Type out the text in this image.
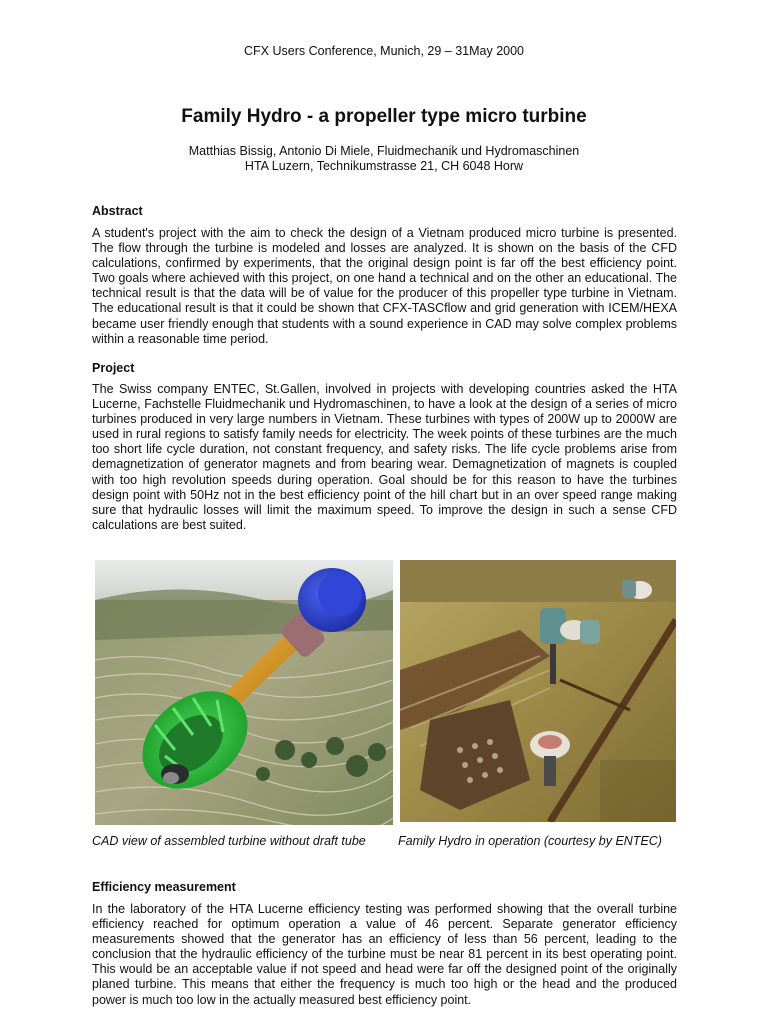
CFX Users Conference, Munich, 29 – 31May 2000
Family Hydro - a propeller type micro turbine
Matthias Bissig, Antonio Di Miele, Fluidmechanik und Hydromaschinen
HTA Luzern, Technikumstrasse 21, CH 6048 Horw
Abstract

A student's project with the aim to check the design of a Vietnam produced micro turbine is presented. The flow through the turbine is modeled and losses are analyzed. It is shown on the basis of the CFD calculations, confirmed by experiments, that the original design point is far off the best efficiency point. Two goals where achieved with this project, on one hand a technical and on the other an educational. The technical result is that the data will be of value for the producer of this propeller type turbine in Vietnam. The educational result is that it could be shown that CFX-TASCflow and grid generation with ICEM/HEXA became user friendly enough that students with a sound experience in CAD may solve complex problems within a reasonable time period.

Project

The Swiss company ENTEC, St.Gallen, involved in projects with developing countries asked the HTA Lucerne, Fachstelle Fluidmechanik und Hydromaschinen, to have a look at the design of a series of micro turbines produced in very large numbers in Vietnam. These turbines with types of 200W up to 2000W are used in rural regions to satisfy family needs for electricity. The week points of these turbines are the much too short life cycle duration, not constant frequency, and safety risks. The life cycle problems arise from demagnetization of generator magnets and from bearing wear. Demagnetization of magnets is coupled with too high revolution speeds during operation. Goal should be for this reason to have the turbines design point with 50Hz not in the best efficiency point of the hill chart but in an over speed range making sure that hydraulic losses will limit the maximum speed. To improve the design in such a sense CFD calculations are best suited.

CAD view of assembled turbine without draft tube	Family Hydro in operation (courtesy by ENTEC)
Efficiency measurement

In the laboratory of the HTA Lucerne efficiency testing was performed showing that the overall turbine efficiency reached for optimum operation a value of 46 percent. Separate generator efficiency measurements showed that the generator has an efficiency of less than 56 percent, leading to the conclusion that the hydraulic efficiency of the turbine must be near 81 percent in its best operating point. This would be an acceptable value if not speed and head were far off the designed point of the originally planed turbine. This means that either the frequency is much too high or the head and the produced power is much too low in the actually measured best efficiency point.
